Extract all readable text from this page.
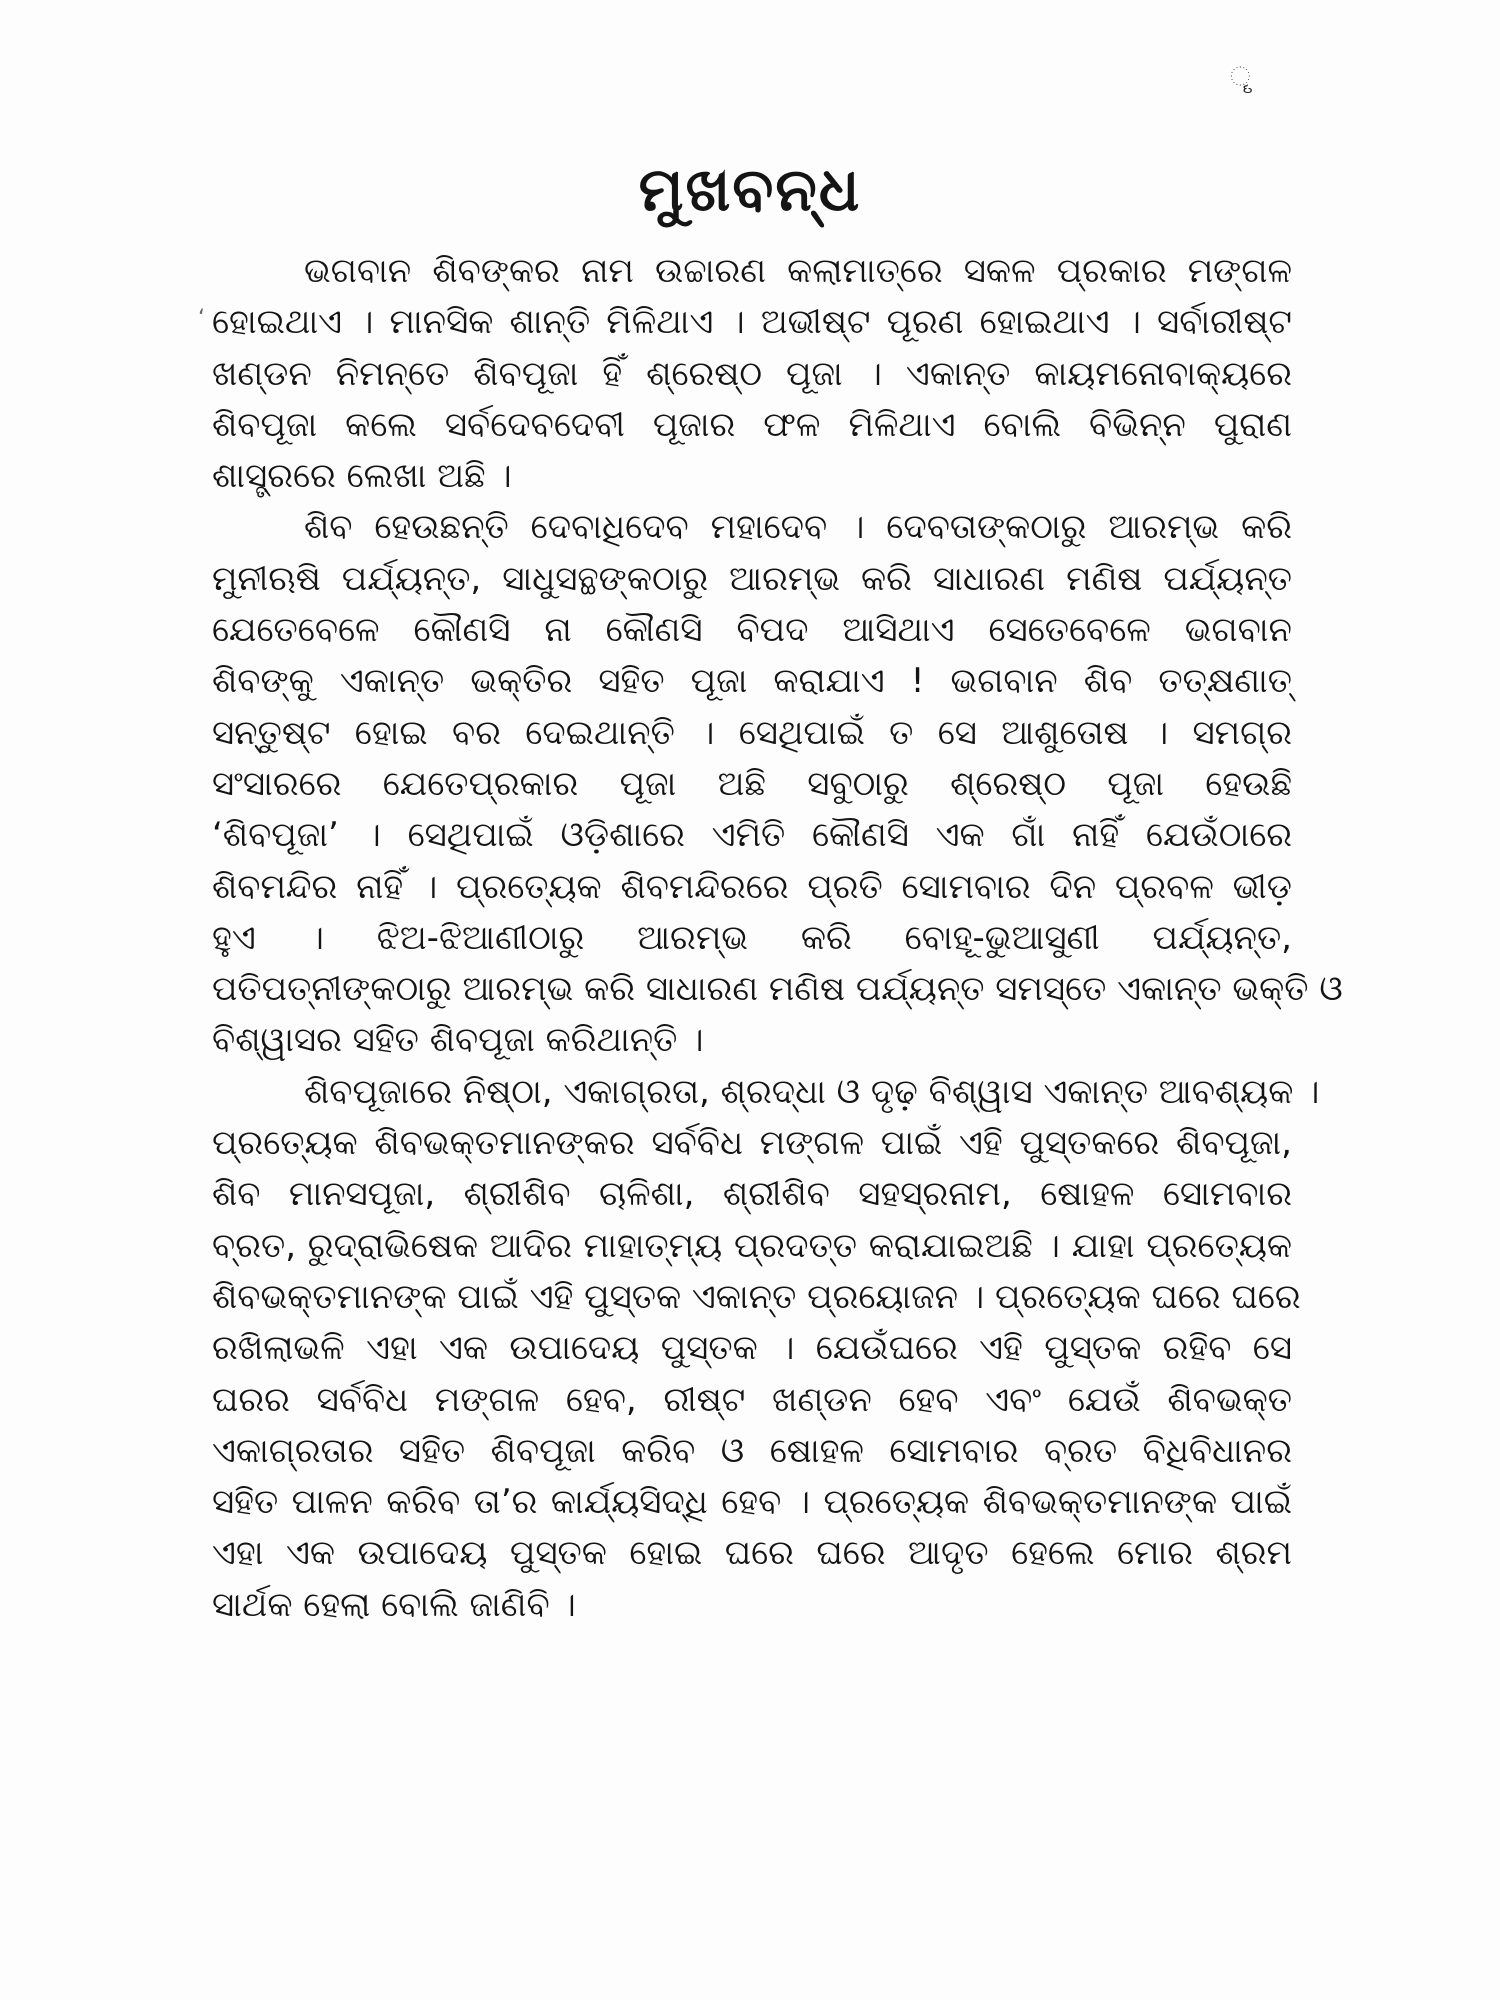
ୄ
‘
ମୁଖବନ୍ଧ
ଭଗବାନ ଶିବଙ୍କର ନାମ ଉଚ୍ଚାରଣ କଲାମାତ୍ରେ ସକଳ ପ୍ରକାର ମଙ୍ଗଳ
ହୋଇଥାଏ । ମାନସିକ ଶାନ୍ତି ମିଳିଥାଏ । ଅଭୀଷ୍ଟ ପୂରଣ ହୋଇଥାଏ । ସର୍ବାରୀଷ୍ଟ
ଖଣ୍ଡନ ନିମନ୍ତେ ଶିବପୂଜା ହିଁ ଶ୍ରେଷ୍ଠ ପୂଜା । ଏକାନ୍ତ କାୟମନୋବାକ୍ୟରେ
ଶିବପୂଜା କଲେ ସର୍ବଦେବଦେବୀ ପୂଜାର ଫଳ ମିଳିଥାଏ ବୋଲି ବିଭିନ୍ନ ପୁରାଣ
ଶାସ୍ତ୍ରରେ ଲେଖା ଅଛି ।
ଶିବ ହେଉଛନ୍ତି ଦେବାଧିଦେବ ମହାଦେବ । ଦେବତାଙ୍କଠାରୁ ଆରମ୍ଭ କରି
ମୁନୀଋଷି ପର୍ଯ୍ୟନ୍ତ, ସାଧୁସନ୍ଥଙ୍କଠାରୁ ଆରମ୍ଭ କରି ସାଧାରଣ ମଣିଷ ପର୍ଯ୍ୟନ୍ତ
ଯେତେବେଳେ କୌଣସି ନା କୌଣସି ବିପଦ ଆସିଥାଏ ସେତେବେଳେ ଭଗବାନ
ଶିବଙ୍କୁ ଏକାନ୍ତ ଭକ୍ତିର ସହିତ ପୂଜା କରାଯାଏ ! ଭଗବାନ ଶିବ ତତ୍‌କ୍ଷଣାତ୍
ସନ୍ତୁଷ୍ଟ ହୋଇ ବର ଦେଇଥାନ୍ତି । ସେଥିପାଇଁ ତ ସେ ଆଶୁତୋଷ । ସମଗ୍ର
ସଂସାରରେ ଯେତେପ୍ରକାର ପୂଜା ଅଛି ସବୁଠାରୁ ଶ୍ରେଷ୍ଠ ପୂଜା ହେଉଛି
‘ଶିବପୂଜା’ । ସେଥିପାଇଁ ଓଡ଼ିଶାରେ ଏମିତି କୌଣସି ଏକ ଗାଁ ନାହିଁ ଯେଉଁଠାରେ
ଶିବମନ୍ଦିର ନାହିଁ । ପ୍ରତ୍ୟେକ ଶିବମନ୍ଦିରରେ ପ୍ରତି ସୋମବାର ଦିନ ପ୍ରବଳ ଭୀଡ଼
ହୁଏ । ଝିଅ-ଝିଆଣୀଠାରୁ ଆରମ୍ଭ କରି ବୋହୂ-ଭୁଆସୁଣୀ ପର୍ଯ୍ୟନ୍ତ,
ପତିପତ୍ନୀଙ୍କଠାରୁ ଆରମ୍ଭ କରି ସାଧାରଣ ମଣିଷ ପର୍ଯ୍ୟନ୍ତ ସମସ୍ତେ ଏକାନ୍ତ ଭକ୍ତି ଓ
ବିଶ୍ୱାସର ସହିତ ଶିବପୂଜା କରିଥାନ୍ତି ।
ଶିବପୂଜାରେ ନିଷ୍ଠା, ଏକାଗ୍ରତା, ଶ୍ରଦ୍ଧା ଓ ଦୃଢ଼ ବିଶ୍ୱାସ ଏକାନ୍ତ ଆବଶ୍ୟକ ।
ପ୍ରତ୍ୟେକ ଶିବଭକ୍ତମାନଙ୍କର ସର୍ବବିଧ ମଙ୍ଗଳ ପାଇଁ ଏହି ପୁସ୍ତକରେ ଶିବପୂଜା,
ଶିବ ମାନସପୂଜା, ଶ୍ରୀଶିବ ଚାଳିଶା, ଶ୍ରୀଶିବ ସହସ୍ରନାମ, ଷୋହଳ ସୋମବାର
ବ୍ରତ, ରୁଦ୍ରାଭିଷେକ ଆଦିର ମାହାତ୍ମ୍ୟ ପ୍ରଦତ୍ତ କରାଯାଇଅଛି । ଯାହା ପ୍ରତ୍ୟେକ
ଶିବଭକ୍ତମାନଙ୍କ ପାଇଁ ଏହି ପୁସ୍ତକ ଏକାନ୍ତ ପ୍ରୟୋଜନ । ପ୍ରତ୍ୟେକ ଘରେ ଘରେ
ରଖିଲାଭଳି ଏହା ଏକ ଉପାଦେୟ ପୁସ୍ତକ । ଯେଉଁଘରେ ଏହି ପୁସ୍ତକ ରହିବ ସେ
ଘରର ସର୍ବବିଧ ମଙ୍ଗଳ ହେବ, ରୀଷ୍ଟ ଖଣ୍ଡନ ହେବ ଏବଂ ଯେଉଁ ଶିବଭକ୍ତ
ଏକାଗ୍ରତାର ସହିତ ଶିବପୂଜା କରିବ ଓ ଷୋହଳ ସୋମବାର ବ୍ରତ ବିଧିବିଧାନର
ସହିତ ପାଳନ କରିବ ତା’ର କାର୍ଯ୍ୟସିଦ୍ଧି ହେବ । ପ୍ରତ୍ୟେକ ଶିବଭକ୍ତମାନଙ୍କ ପାଇଁ
ଏହା ଏକ ଉପାଦେୟ ପୁସ୍ତକ ହୋଇ ଘରେ ଘରେ ଆଦୃତ ହେଲେ ମୋର ଶ୍ରମ
ସାର୍ଥକ ହେଲା ବୋଲି ଜାଣିବି ।
